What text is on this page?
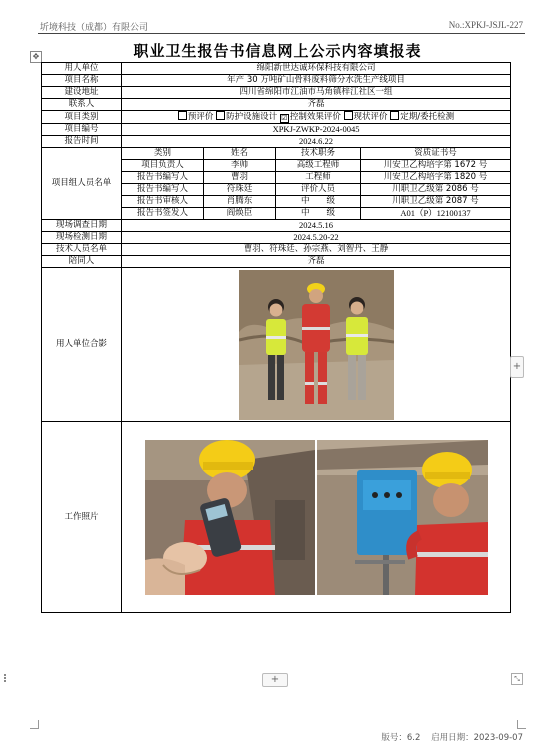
圻境科技（成都）有限公司	No.:XPKJ-JSJL-227
职业卫生报告书信息网上公示内容填报表
✥
用人单位	绵阳新世达诚环保科技有限公司			
项目名称	年产 30 万吨矿山骨料废料筛分水洗生产线项目			
建设地址	四川省绵阳市江油市马角镇梓江社区一组			
联系人	齐磊			
项目类别	预评价 防护设施设计 ☑ 控制效果评价 现状评价 定期/委托检测			
项目编号	XPKJ-ZWKP-2024-0045			
报告时间	2024.6.22			
项目组人员名单	类别	姓名	技术职务	资质证书号
	项目负责人	李帅	高级工程师	川安卫乙构培字第 1672 号
	报告书编写人	曹羽	工程师	川安卫乙构培字第 1820 号
	报告书编写人	符珠廷	评价人员	川职卫乙级第 2086 号
	报告书审核人	肖腾东	中　　级	川职卫乙级第 2087 号
	报告书签发人	阎焕臣	中　　级	A01（P）12100137
现场调查日期	2024.5.16			
现场检测日期	2024.5.20-22			
技术人员名单	曹羽、符珠廷、孙宗燕、刘智丹、王静			
陪同人	齐磊			
用人单位合影	

工作照片	
+
+	⤡
版号：6.2 启用日期：2023-09-07
